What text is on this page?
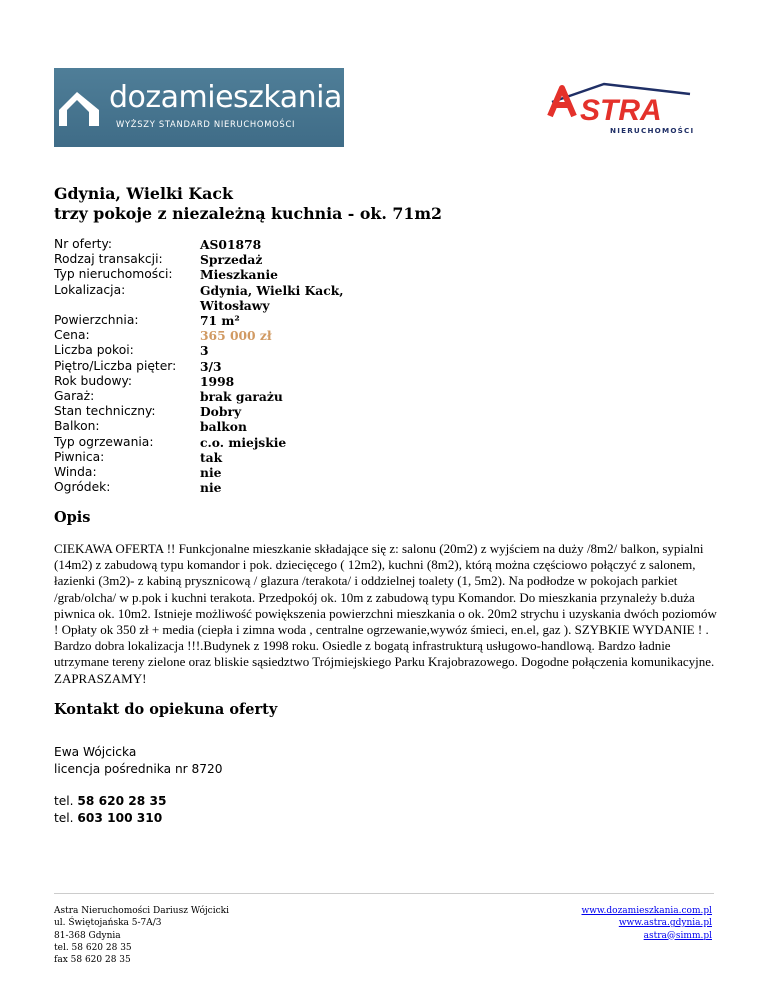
dozamieszkania
WYŻSZY STANDARD NIERUCHOMOŚCI	STRA
NIERUCHOMOŚCI
Gdynia, Wielki Kack
trzy pokoje z niezależną kuchnia - ok. 71m2
Nr oferty:	AS01878
Rodzaj transakcji:	Sprzedaż
Typ nieruchomości:	Mieszkanie
Lokalizacja:	Gdynia, Wielki Kack, Witosławy
Powierzchnia:	71 m²
Cena:	365 000 zł
Liczba pokoi:	3
Piętro/Liczba pięter:	3/3
Rok budowy:	1998
Garaż:	brak garażu
Stan techniczny:	Dobry
Balkon:	balkon
Typ ogrzewania:	c.o. miejskie
Piwnica:	tak
Winda:	nie
Ogródek:	nie
Opis
CIEKAWA OFERTA !! Funkcjonalne mieszkanie składające się z: salonu (20m2) z wyjściem na duży /8m2/ balkon, sypialni (14m2) z zabudową typu komandor i pok. dziecięcego ( 12m2), kuchni (8m2), którą można częściowo połączyć z salonem, łazienki (3m2)- z kabiną prysznicową / glazura /terakota/ i oddzielnej toalety (1, 5m2). Na podłodze w pokojach parkiet /grab/olcha/ w p.pok i kuchni terakota. Przedpokój ok. 10m z zabudową typu Komandor. Do mieszkania przynależy b.duża piwnica ok. 10m2. Istnieje możliwość powiększenia powierzchni mieszkania o ok. 20m2 strychu i uzyskania dwóch poziomów ! Opłaty ok 350 zł + media (ciepła i zimna woda , centralne ogrzewanie,wywóz śmieci, en.el, gaz ). SZYBKIE WYDANIE ! . Bardzo dobra lokalizacja !!!.Budynek z 1998 roku. Osiedle z bogatą infrastrukturą usługowo-handlową. Bardzo ładnie utrzymane tereny zielone oraz bliskie sąsiedztwo Trójmiejskiego Parku Krajobrazowego. Dogodne połączenia komunikacyjne. ZAPRASZAMY!
Kontakt do opiekuna oferty

Ewa Wójcicka

licencja pośrednika nr 8720

tel. 58 620 28 35

tel. 603 100 310

Astra Nieruchomości Dariusz Wójcicki
ul. Świętojańska 5-7A/3
81-368 Gdynia
tel. 58 620 28 35
fax 58 620 28 35
www.dozamieszkania.com.pl
www.astra.gdynia.pl
astra@simm.pl
